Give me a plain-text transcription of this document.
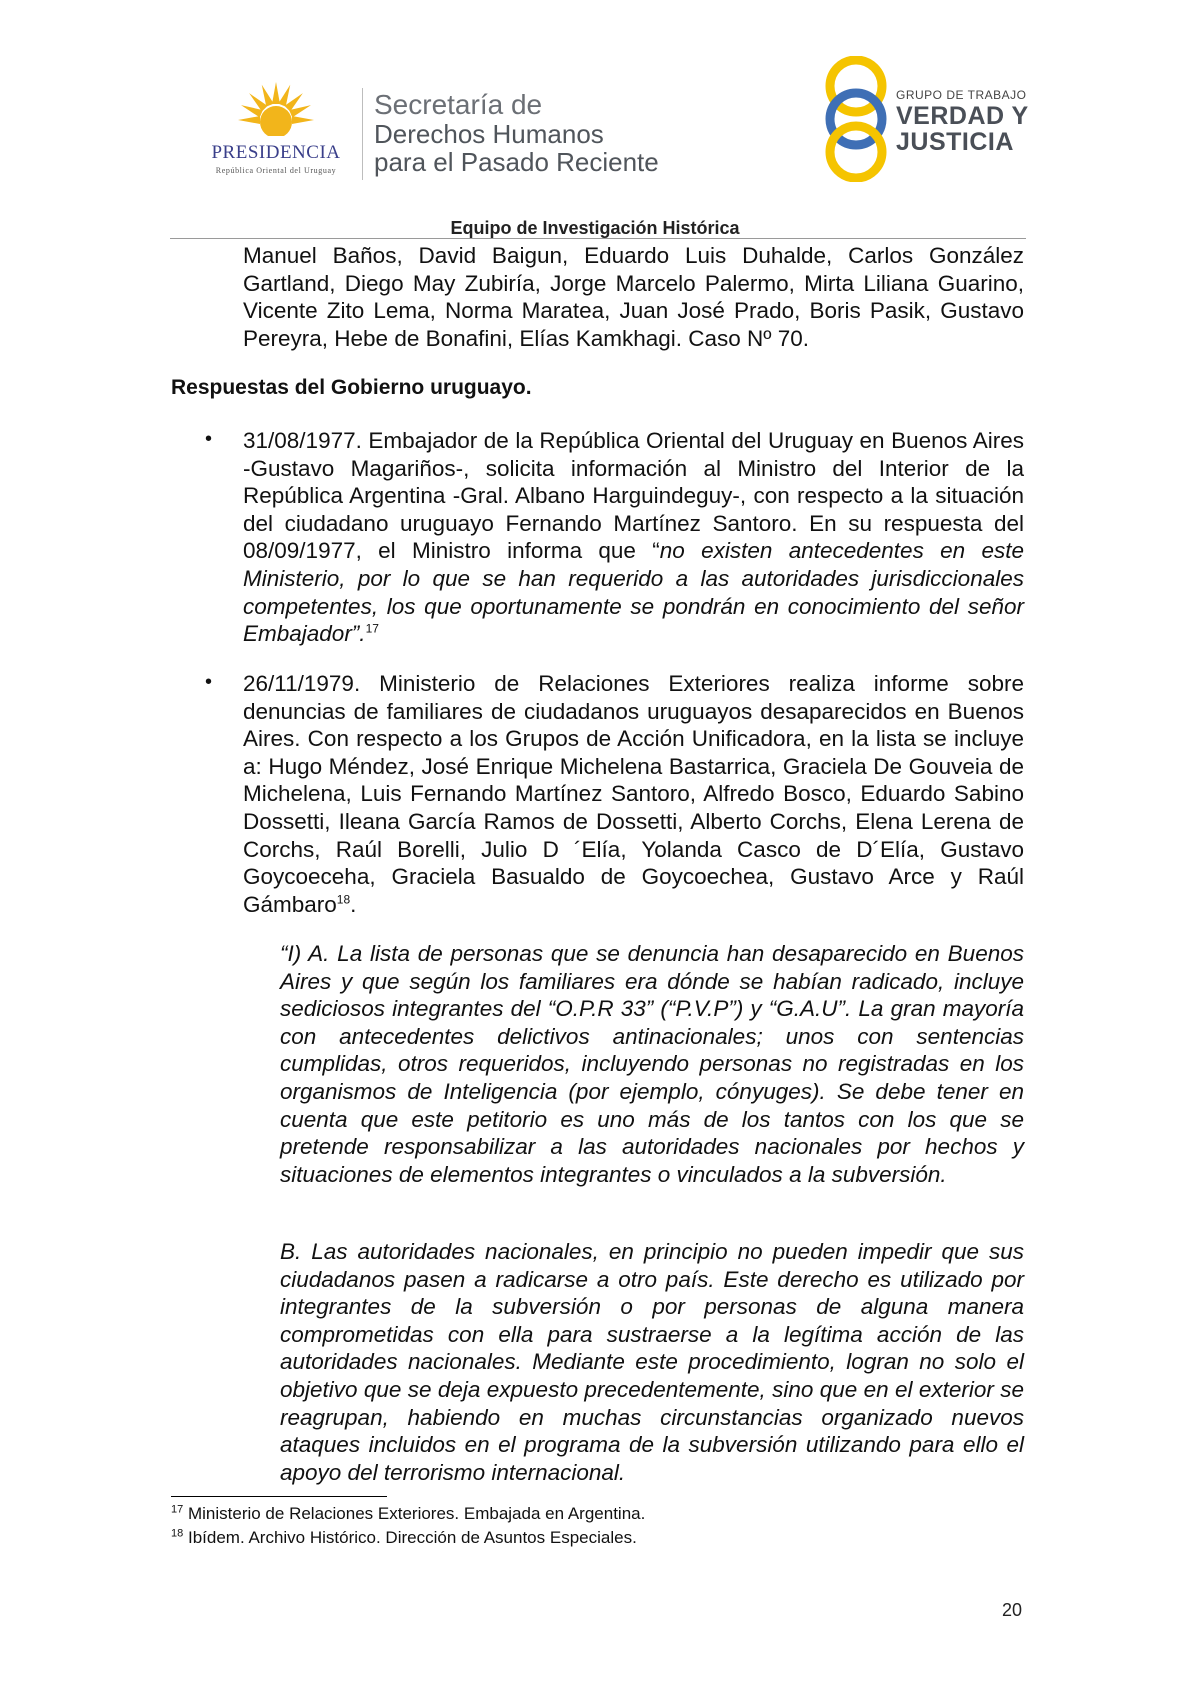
PRESIDENCIA
República Oriental del Uruguay
Secretaría de
Derechos Humanos
para el Pasado Reciente
GRUPO DE TRABAJO
VERDAD Y
JUSTICIA
Equipo de Investigación Histórica
Manuel Baños, David Baigun, Eduardo Luis Duhalde, Carlos González Gartland, Diego May Zubiría, Jorge Marcelo Palermo, Mirta Liliana Guarino, Vicente Zito Lema, Norma Maratea, Juan José Prado, Boris Pasik, Gustavo Pereyra, Hebe de Bonafini, Elías Kamkhagi. Caso Nº 70.
Respuestas del Gobierno uruguayo.
• 31/08/1977. Embajador de la República Oriental del Uruguay en Buenos Aires -Gustavo Magariños-, solicita información al Ministro del Interior de la República Argentina -Gral. Albano Harguindeguy-, con respecto a la situación del ciudadano uruguayo Fernando Martínez Santoro. En su respuesta del 08/09/1977, el Ministro informa que “no existen antecedentes en este Ministerio, por lo que se han requerido a las autoridades jurisdiccionales competentes, los que oportunamente se pondrán en conocimiento del señor Embajador”.$^{17}$
• 26/11/1979. Ministerio de Relaciones Exteriores realiza informe sobre denuncias de familiares de ciudadanos uruguayos desaparecidos en Buenos Aires. Con respecto a los Grupos de Acción Unificadora, en la lista se incluye a: Hugo Méndez, José Enrique Michelena Bastarrica, Graciela De Gouveia de Michelena, Luis Fernando Martínez Santoro, Alfredo Bosco, Eduardo Sabino Dossetti, Ileana García Ramos de Dossetti, Alberto Corchs, Elena Lerena de Corchs, Raúl Borelli, Julio D ´Elía, Yolanda Casco de D´Elía, Gustavo Goycoeceha, Graciela Basualdo de Goycoechea, Gustavo Arce y Raúl Gámbaro$^{18}$.
“I) A. La lista de personas que se denuncia han desaparecido en Buenos Aires y que según los familiares era dónde se habían radicado, incluye sediciosos integrantes del “O.P.R 33” (“P.V.P”) y “G.A.U”. La gran mayoría con antecedentes delictivos antinacionales; unos con sentencias cumplidas, otros requeridos, incluyendo personas no registradas en los organismos de Inteligencia (por ejemplo, cónyuges). Se debe tener en cuenta que este petitorio es uno más de los tantos con los que se pretende responsabilizar a las autoridades nacionales por hechos y situaciones de elementos integrantes o vinculados a la subversión.
B. Las autoridades nacionales, en principio no pueden impedir que sus ciudadanos pasen a radicarse a otro país. Este derecho es utilizado por integrantes de la subversión o por personas de alguna manera comprometidas con ella para sustraerse a la legítima acción de las autoridades nacionales. Mediante este procedimiento, logran no solo el objetivo que se deja expuesto precedentemente, sino que en el exterior se reagrupan, habiendo en muchas circunstancias organizado nuevos ataques incluidos en el programa de la subversión utilizando para ello el apoyo del terrorismo internacional.
$^{17}$ Ministerio de Relaciones Exteriores. Embajada en Argentina.
$^{18}$ Ibídem. Archivo Histórico. Dirección de Asuntos Especiales.
20
